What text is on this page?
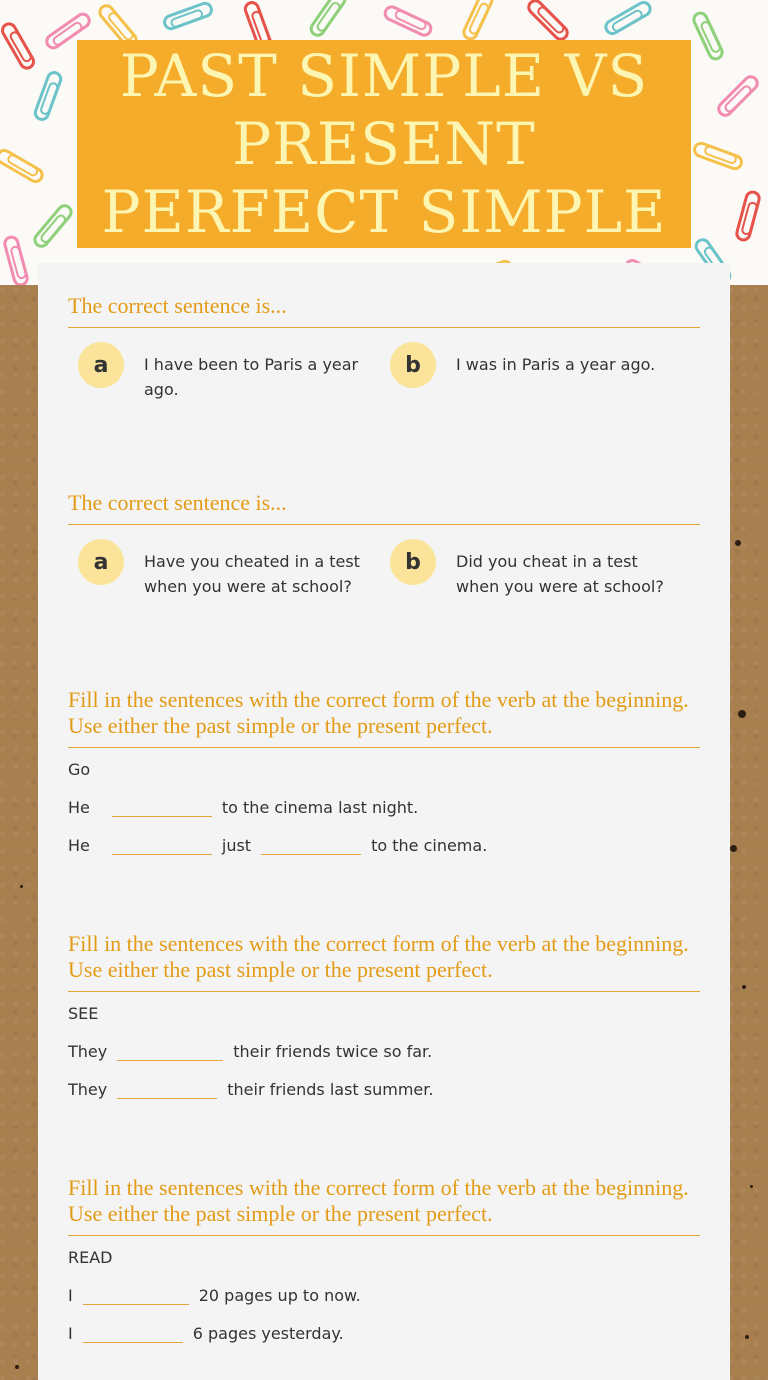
PAST SIMPLE VS PRESENT PERFECT SIMPLE

The correct sentence is...

a	I have been to Paris a year ago.
b	I was in Paris a year ago.

The correct sentence is...

a	Have you cheated in a test when you were at school?
b	Did you cheat in a test when you were at school?

Fill in the sentences with the correct form of the verb at the beginning. Use either the past simple or the present perfect.

Go
He	to the cinema last night.
He	just	to the cinema.

Fill in the sentences with the correct form of the verb at the beginning. Use either the past simple or the present perfect.

SEE
They	their friends twice so far.
They	their friends last summer.

Fill in the sentences with the correct form of the verb at the beginning. Use either the past simple or the present perfect.

READ
I	20 pages up to now.
I	6 pages yesterday.
